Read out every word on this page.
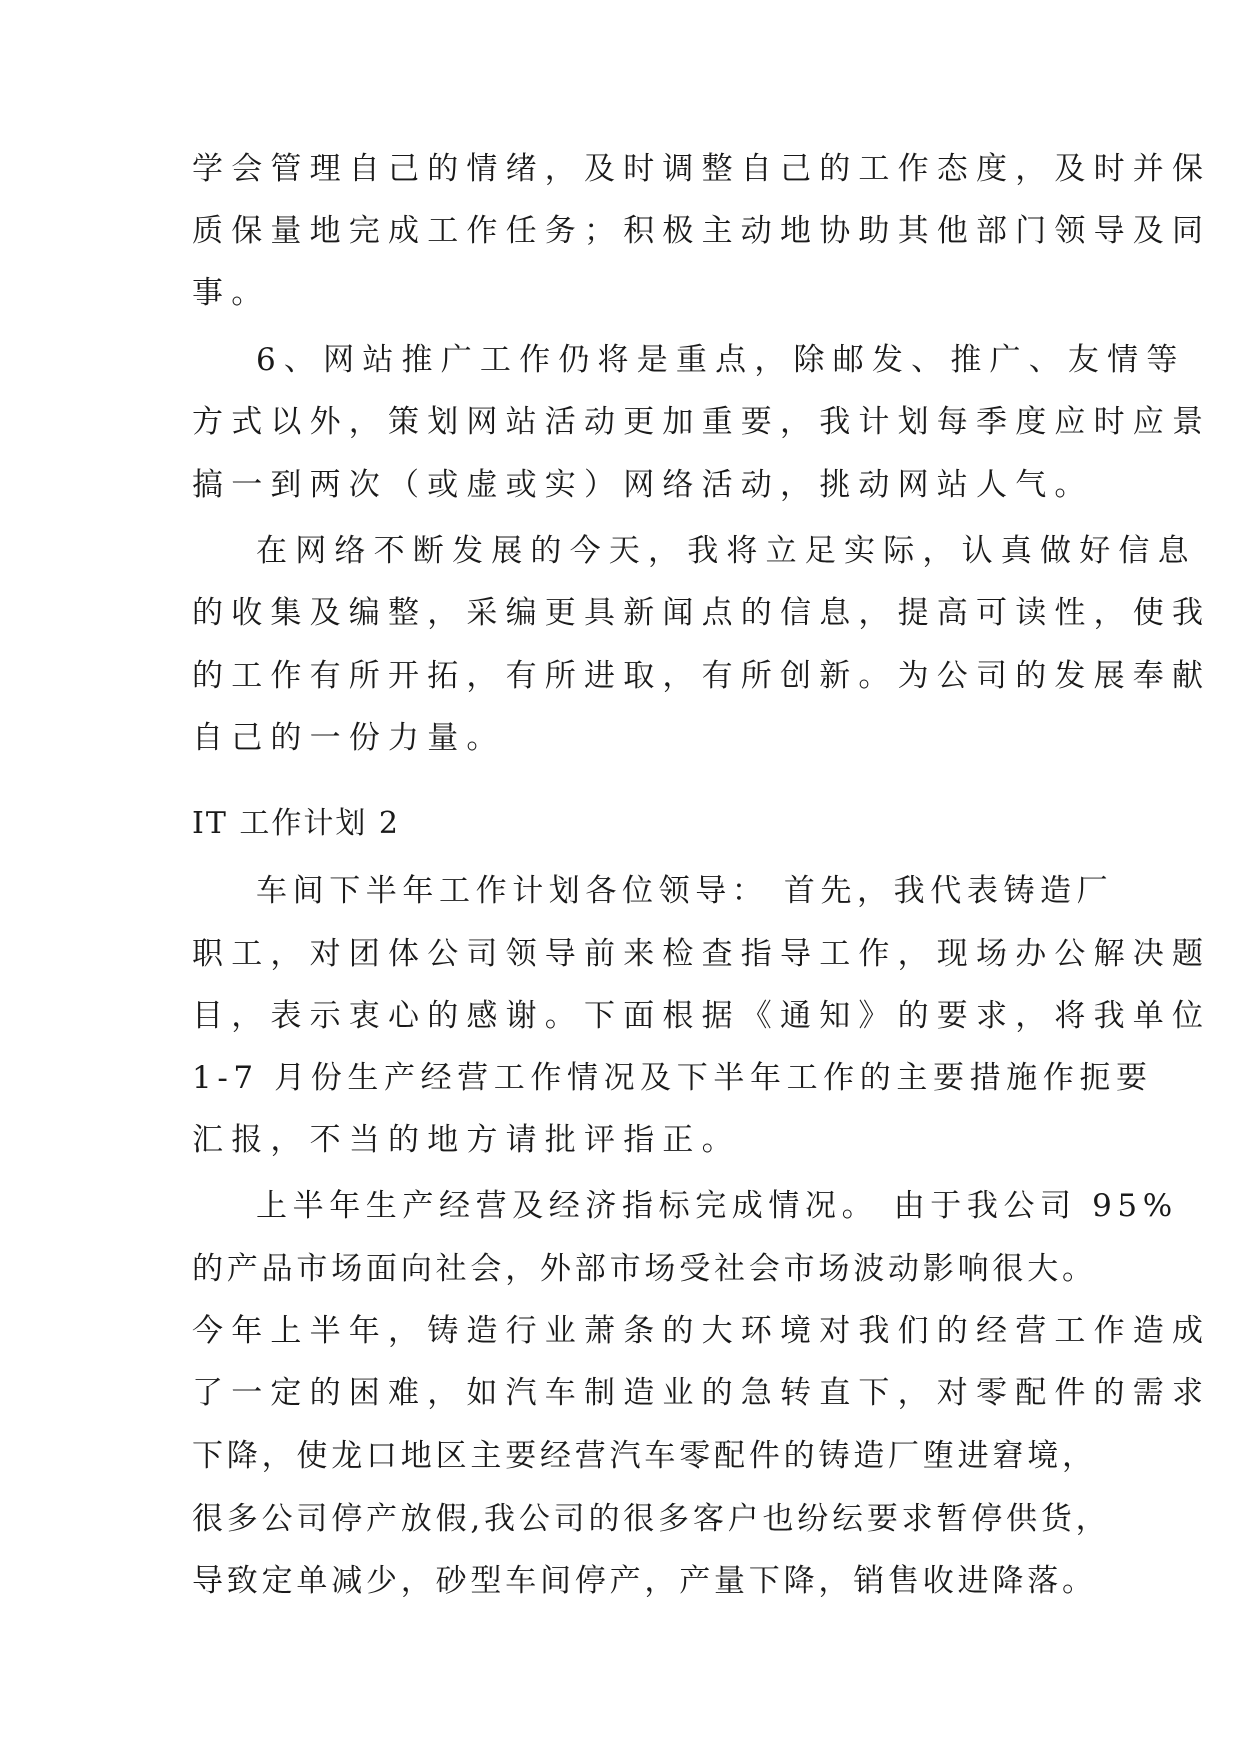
学会管理自己的情绪，及时调整自己的工作态度，及时并保
质保量地完成工作任务；积极主动地协助其他部门领导及同
事。
6、网站推广工作仍将是重点，除邮发、推广、友情等
方式以外，策划网站活动更加重要，我计划每季度应时应景
搞一到两次（或虚或实）网络活动，挑动网站人气。
在网络不断发展的今天，我将立足实际，认真做好信息
的收集及编整，采编更具新闻点的信息，提高可读性，使我
的工作有所开拓，有所进取，有所创新。为公司的发展奉献
自己的一份力量。
IT 工作计划 2
车间下半年工作计划各位领导： 首先，我代表铸造厂
职工，对团体公司领导前来检查指导工作，现场办公解决题
目，表示衷心的感谢。下面根据《通知》的要求，将我单位
1-7 月份生产经营工作情况及下半年工作的主要措施作扼要
汇报，不当的地方请批评指正。
上半年生产经营及经济指标完成情况。 由于我公司 95%
的产品市场面向社会，外部市场受社会市场波动影响很大。
今年上半年，铸造行业萧条的大环境对我们的经营工作造成
了一定的困难，如汽车制造业的急转直下，对零配件的需求
下降，使龙口地区主要经营汽车零配件的铸造厂堕进窘境，
很多公司停产放假,我公司的很多客户也纷纭要求暂停供货，
导致定单减少，砂型车间停产，产量下降，销售收进降落。
